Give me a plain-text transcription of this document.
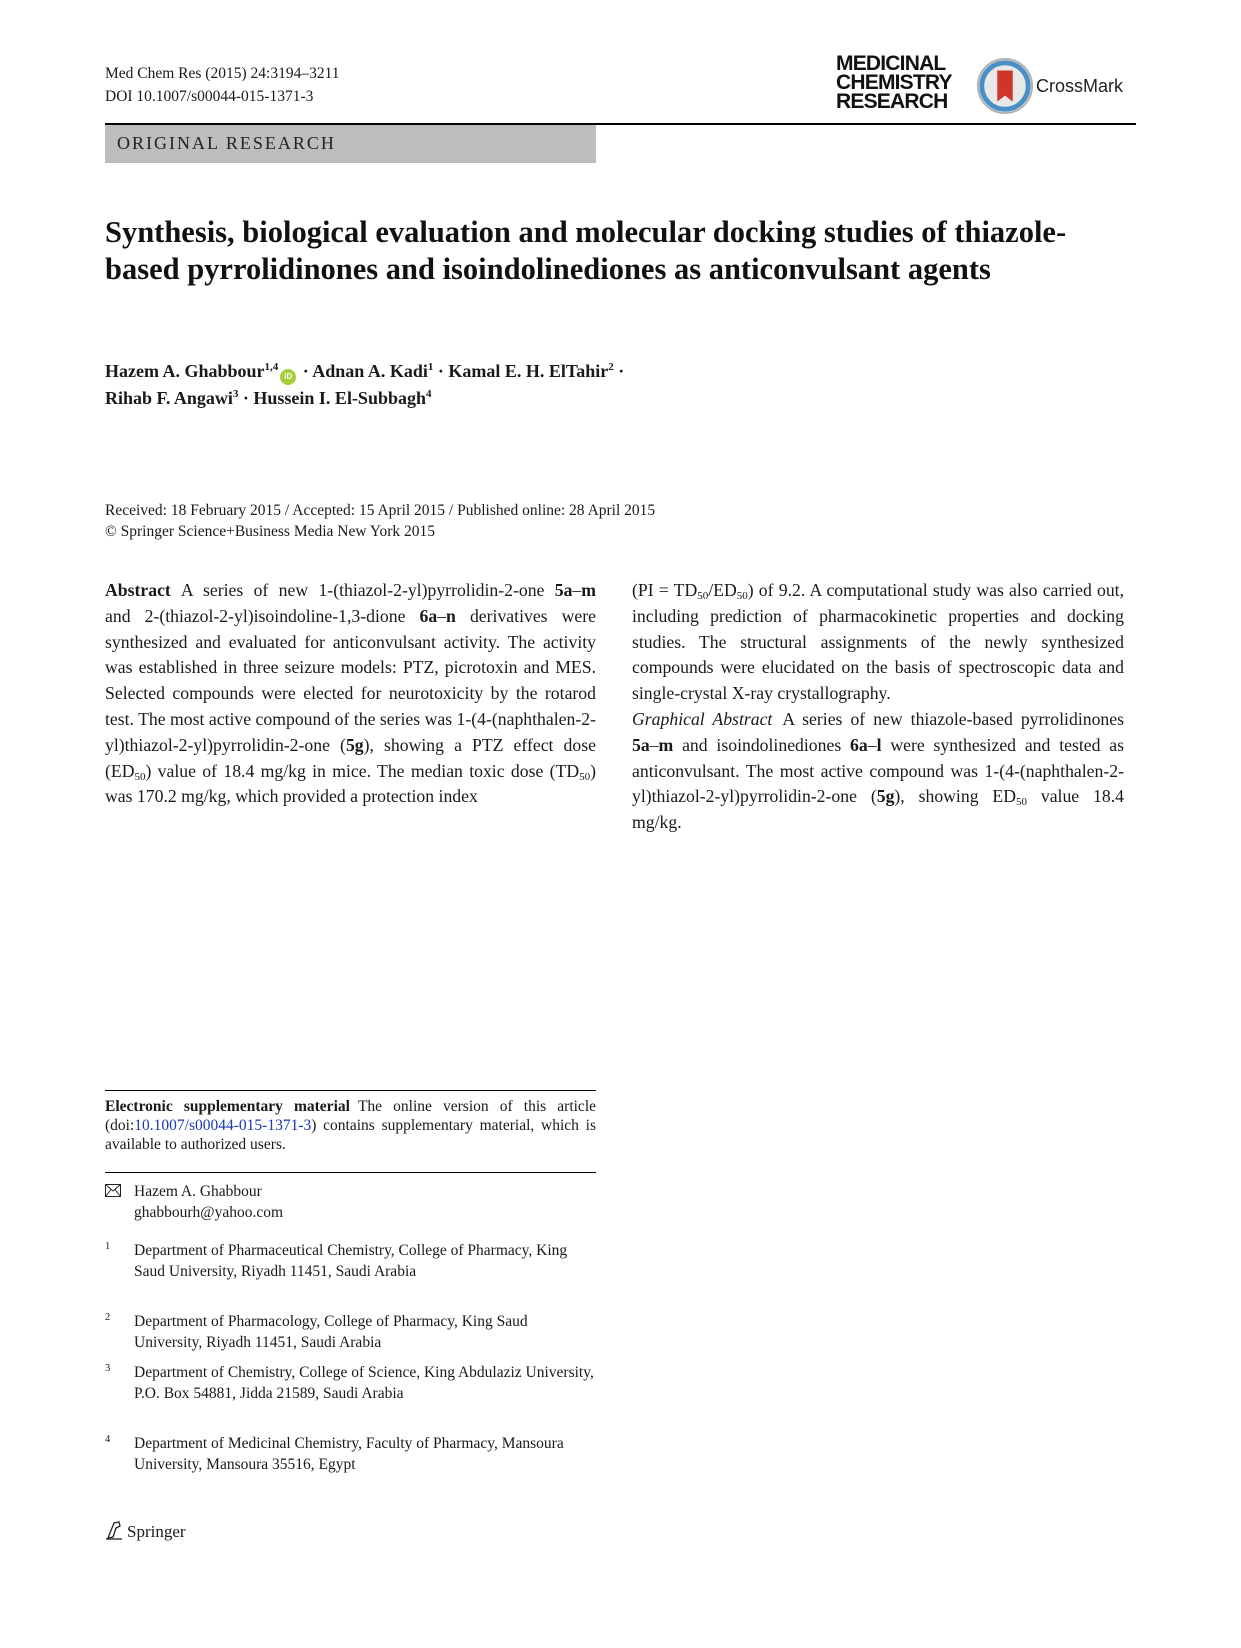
Med Chem Res (2015) 24:3194–3211
DOI 10.1007/s00044-015-1371-3
MEDICINAL
CHEMISTRY
RESEARCH
CrossMark
ORIGINAL RESEARCH
Synthesis, biological evaluation and molecular docking studies of thiazole-based pyrrolidinones and isoindolinediones as anticonvulsant agents
Hazem A. Ghabbour$^{1,4}$iD · Adnan A. Kadi$^1$ · Kamal E. H. ElTahir$^2$ ·
Rihab F. Angawi$^3$ · Hussein I. El-Subbagh$^4$
Received: 18 February 2015 / Accepted: 15 April 2015 / Published online: 28 April 2015
© Springer Science+Business Media New York 2015
Abstract A series of new 1-(thiazol-2-yl)pyrrolidin-2-one 5a–m and 2-(thiazol-2-yl)isoindoline-1,3-dione 6a–n derivatives were synthesized and evaluated for anticonvulsant activity. The activity was established in three seizure models: PTZ, picrotoxin and MES. Selected compounds were elected for neurotoxicity by the rotarod test. The most active compound of the series was 1-(4-(naphthalen-2-yl)thiazol-2-yl)pyrrolidin-2-one (5g), showing a PTZ effect dose $(ED_{50})$ value of 18.4 mg/kg in mice. The median toxic dose $(TD_{50})$ was 170.2 mg/kg, which provided a protection index
$(PI = TD_{50}/ED_{50})$ of 9.2. A computational study was also carried out, including prediction of pharmacokinetic properties and docking studies. The structural assignments of the newly synthesized compounds were elucidated on the basis of spectroscopic data and single-crystal X-ray crystallography.
Graphical Abstract A series of new thiazole-based pyrrolidinones 5a–m and isoindolinediones 6a–l were synthesized and tested as anticonvulsant. The most active compound was 1-(4-(naphthalen-2-yl)thiazol-2-yl)pyrrolidin-2-one (5g), showing $ED_{50}$ value 18.4 mg/kg.
Electronic supplementary material The online version of this article (doi:10.1007/s00044-015-1371-3) contains supplementary material, which is available to authorized users.
Hazem A. Ghabbour
ghabbourh@yahoo.com
1 Department of Pharmaceutical Chemistry, College of Pharmacy, King Saud University, Riyadh 11451, Saudi Arabia
2 Department of Pharmacology, College of Pharmacy, King Saud University, Riyadh 11451, Saudi Arabia
3 Department of Chemistry, College of Science, King Abdulaziz University, P.O. Box 54881, Jidda 21589, Saudi Arabia
4 Department of Medicinal Chemistry, Faculty of Pharmacy, Mansoura University, Mansoura 35516, Egypt
Springer
